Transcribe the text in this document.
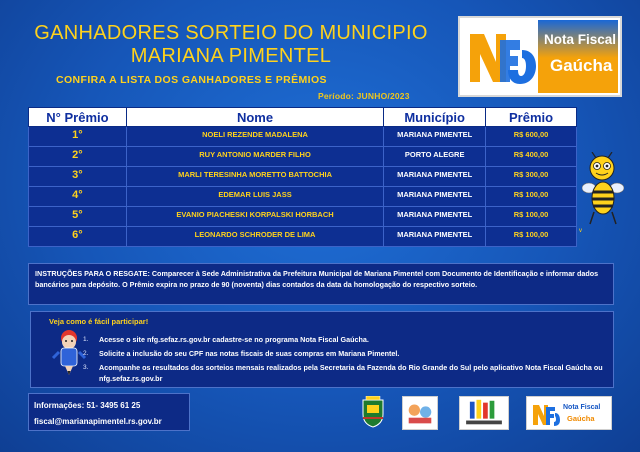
GANHADORES SORTEIO DO MUNICIPIO
MARIANA PIMENTEL
CONFIRA A LISTA DOS GANHADORES E PRÊMIOS
Período: JUNHO/2023
Nota Fiscal
Gaúcha
N° Prêmio	Nome	Município	Prêmio
1°	NOELI REZENDE MADALENA	MARIANA PIMENTEL	R$ 600,00
2°	RUY ANTONIO MARDER FILHO	PORTO ALEGRE	R$ 400,00
3°	MARLI TERESINHA MORETTO BATTOCHIA	MARIANA PIMENTEL	R$ 300,00
4°	EDEMAR LUIS JASS	MARIANA PIMENTEL	R$ 100,00
5°	EVANIO PIACHESKI KORPALSKI HORBACH	MARIANA PIMENTEL	R$ 100,00
6°	LEONARDO SCHRODER DE LIMA	MARIANA PIMENTEL	R$ 100,00	v
INSTRUÇÕES PARA O RESGATE: Comparecer à Sede Administrativa da Prefeitura Municipal de Mariana Pimentel com Documento de Identificação e informar dados bancários para depósito. O Prêmio expira no prazo de 90 (noventa) dias contados da data da homologação do respectivo sorteio.
Veja como é fácil participar!
1. Acesse o site nfg.sefaz.rs.gov.br cadastre-se no programa Nota Fiscal Gaúcha.
2. Solicite a inclusão do seu CPF nas notas fiscais de suas compras em Mariana Pimentel.
3. Acompanhe os resultados dos sorteios mensais realizados pela Secretaria da Fazenda do Rio Grande do Sul pelo aplicativo Nota Fiscal Gaúcha ou nfg.sefaz.rs.gov.br
Informações: 51- 3495 61 25
fiscal@marianapimentel.rs.gov.br
Nota Fiscal
Gaúcha
